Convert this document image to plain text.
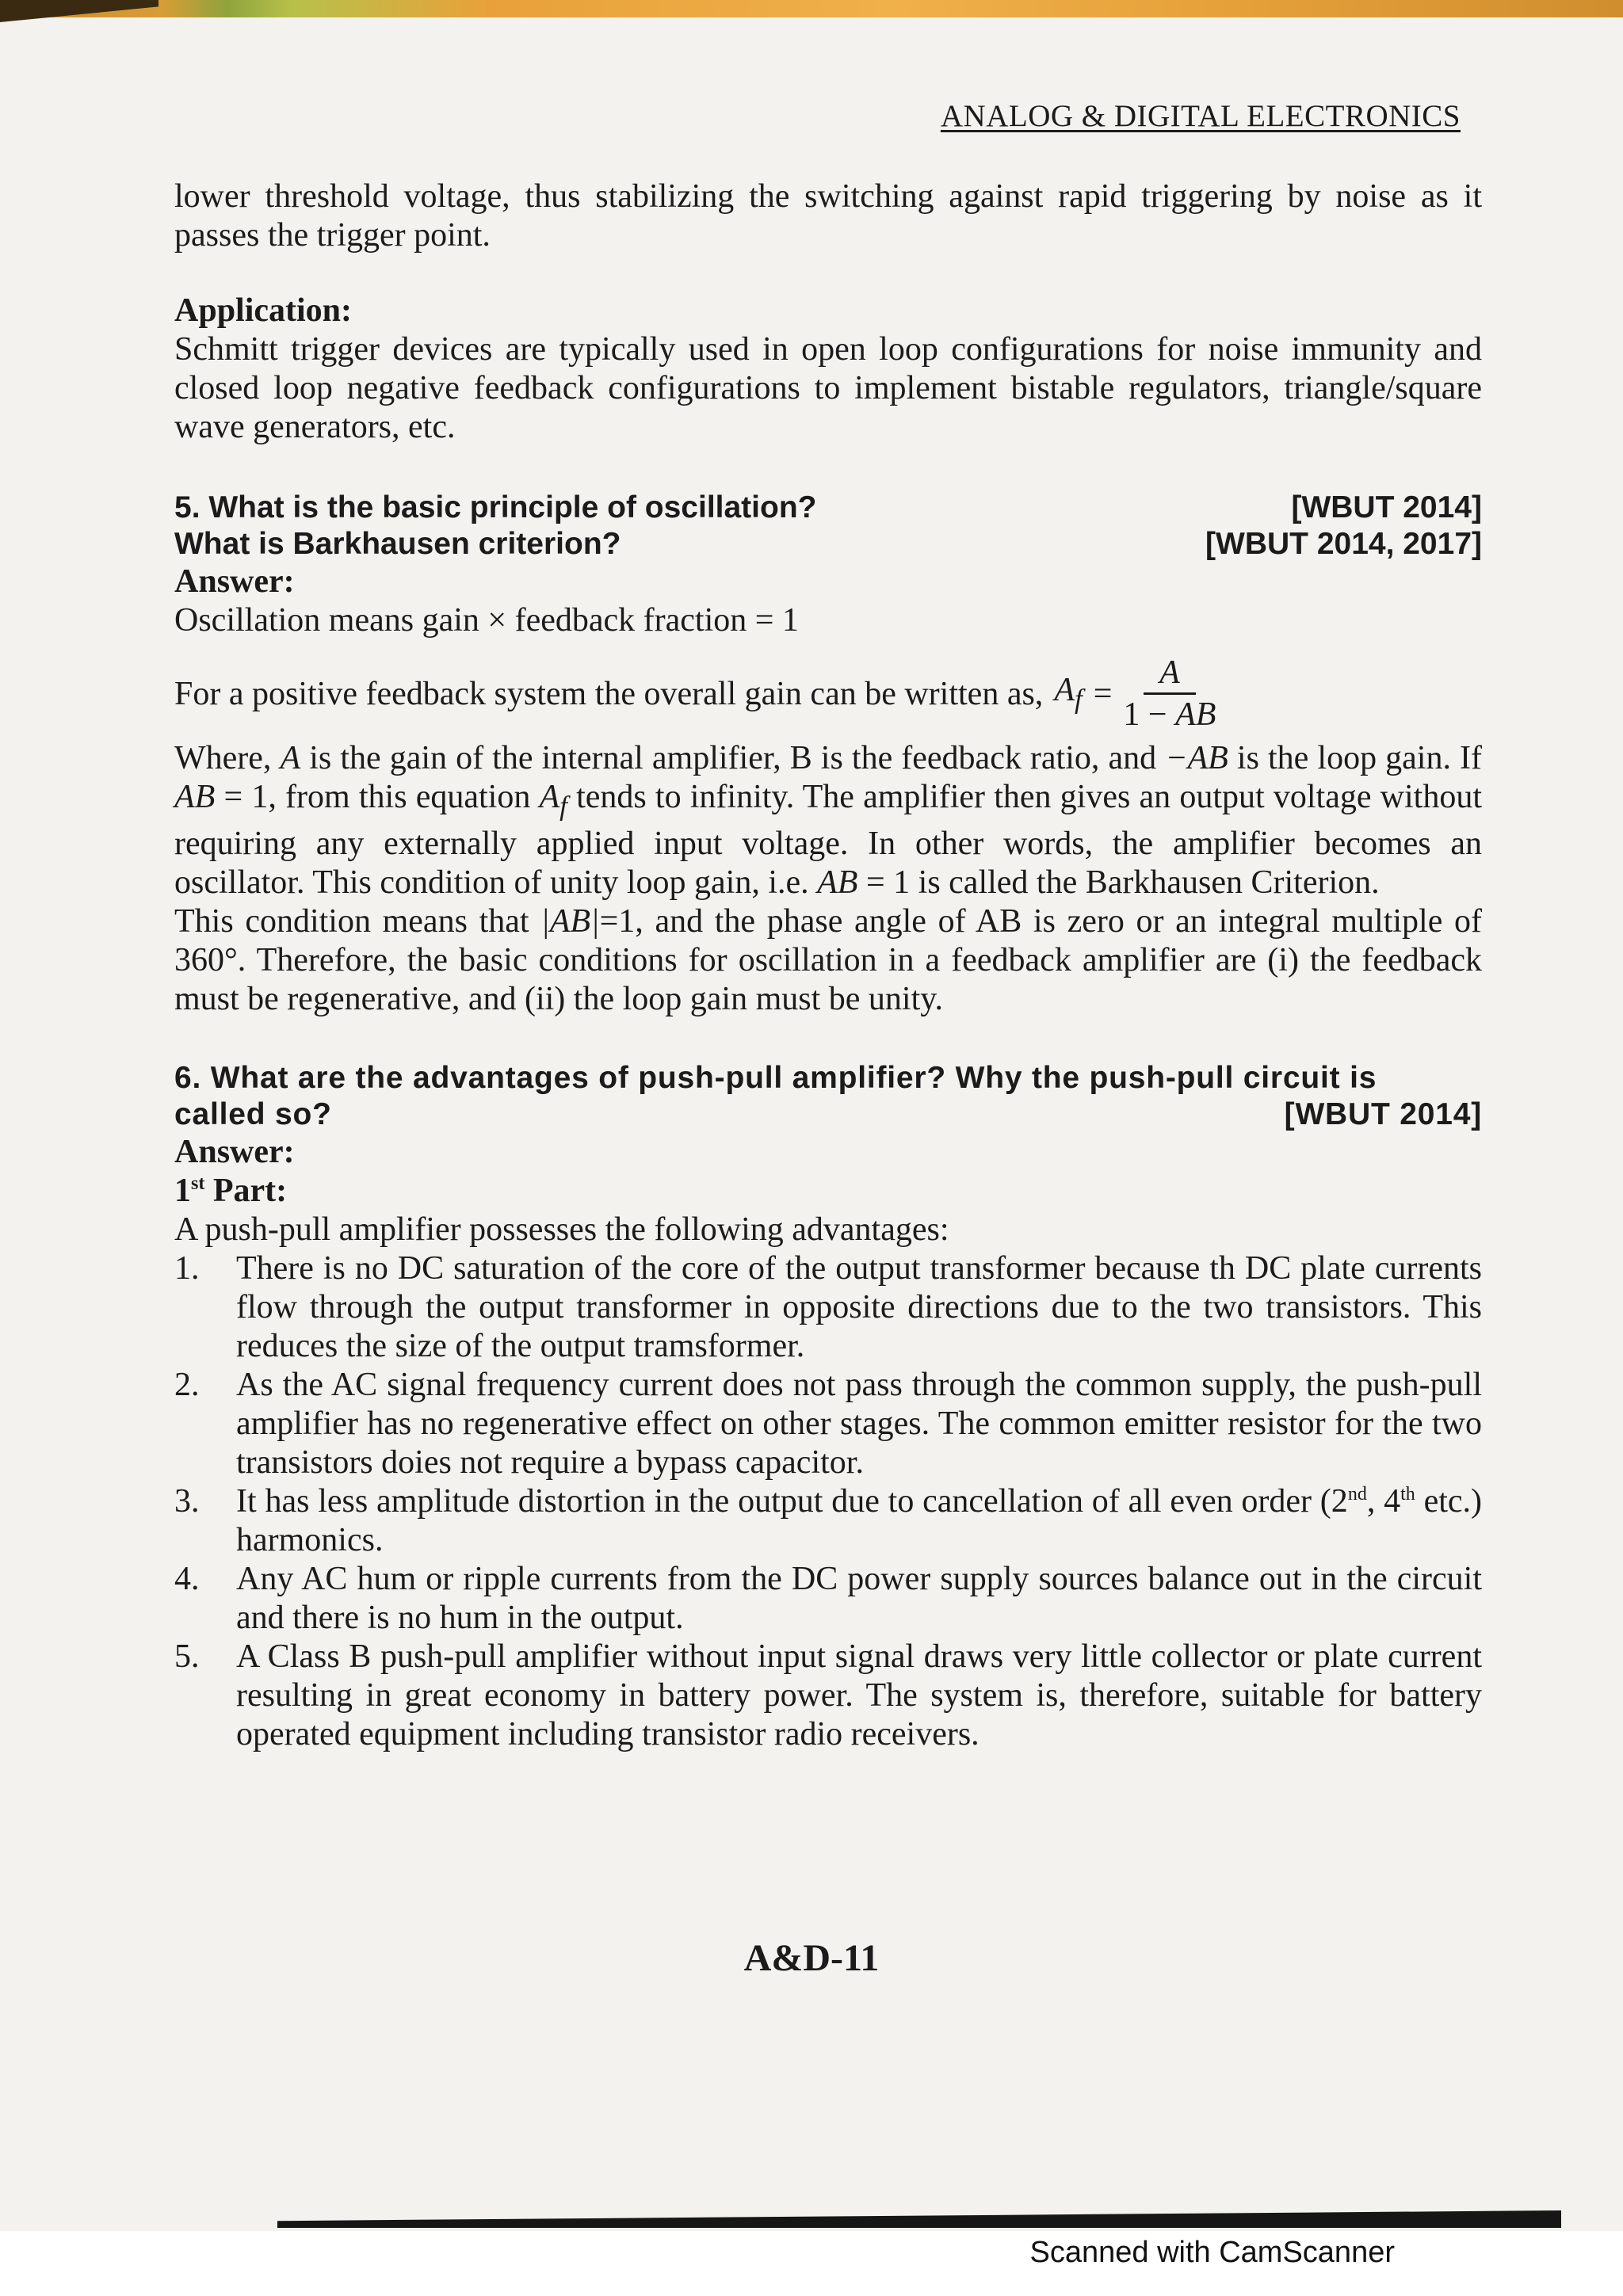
ANALOG & DIGITAL ELECTRONICS

lower threshold voltage, thus stabilizing the switching against rapid triggering by noise as it passes the trigger point.

Application:

Schmitt trigger devices are typically used in open loop configurations for noise immunity and closed loop negative feedback configurations to implement bistable regulators, triangle/square wave generators, etc.

5. What is the basic principle of oscillation?	[WBUT 2014]
What is Barkhausen criterion?	[WBUT 2014, 2017]

Answer:

Oscillation means gain × feedback fraction = 1

For a positive feedback system the overall gain can be written as, $A_f = \frac{A}{1 - AB}$

Where, A is the gain of the internal amplifier, B is the feedback ratio, and −AB is the loop gain. If AB = 1, from this equation $A_f$ tends to infinity. The amplifier then gives an output voltage without requiring any externally applied input voltage. In other words, the amplifier becomes an oscillator. This condition of unity loop gain, i.e. AB = 1 is called the Barkhausen Criterion.

This condition means that |AB|=1, and the phase angle of AB is zero or an integral multiple of 360°. Therefore, the basic conditions for oscillation in a feedback amplifier are (i) the feedback must be regenerative, and (ii) the loop gain must be unity.

6. What are the advantages of push-pull amplifier? Why the push-pull circuit is
called so?	[WBUT 2014]

Answer:

1st Part:

A push-pull amplifier possesses the following advantages:

1.	There is no DC saturation of the core of the output transformer because th DC plate currents flow through the output transformer in opposite directions due to the two transistors. This reduces the size of the output tramsformer.
2.	As the AC signal frequency current does not pass through the common supply, the push-pull amplifier has no regenerative effect on other stages. The common emitter resistor for the two transistors doies not require a bypass capacitor.
3.	It has less amplitude distortion in the output due to cancellation of all even order (2nd, 4th etc.) harmonics.
4.	Any AC hum or ripple currents from the DC power supply sources balance out in the circuit and there is no hum in the output.
5.	A Class B push-pull amplifier without input signal draws very little collector or plate current resulting in great economy in battery power. The system is, therefore, suitable for battery operated equipment including transistor radio receivers.
A&D-11
Scanned with CamScanner
